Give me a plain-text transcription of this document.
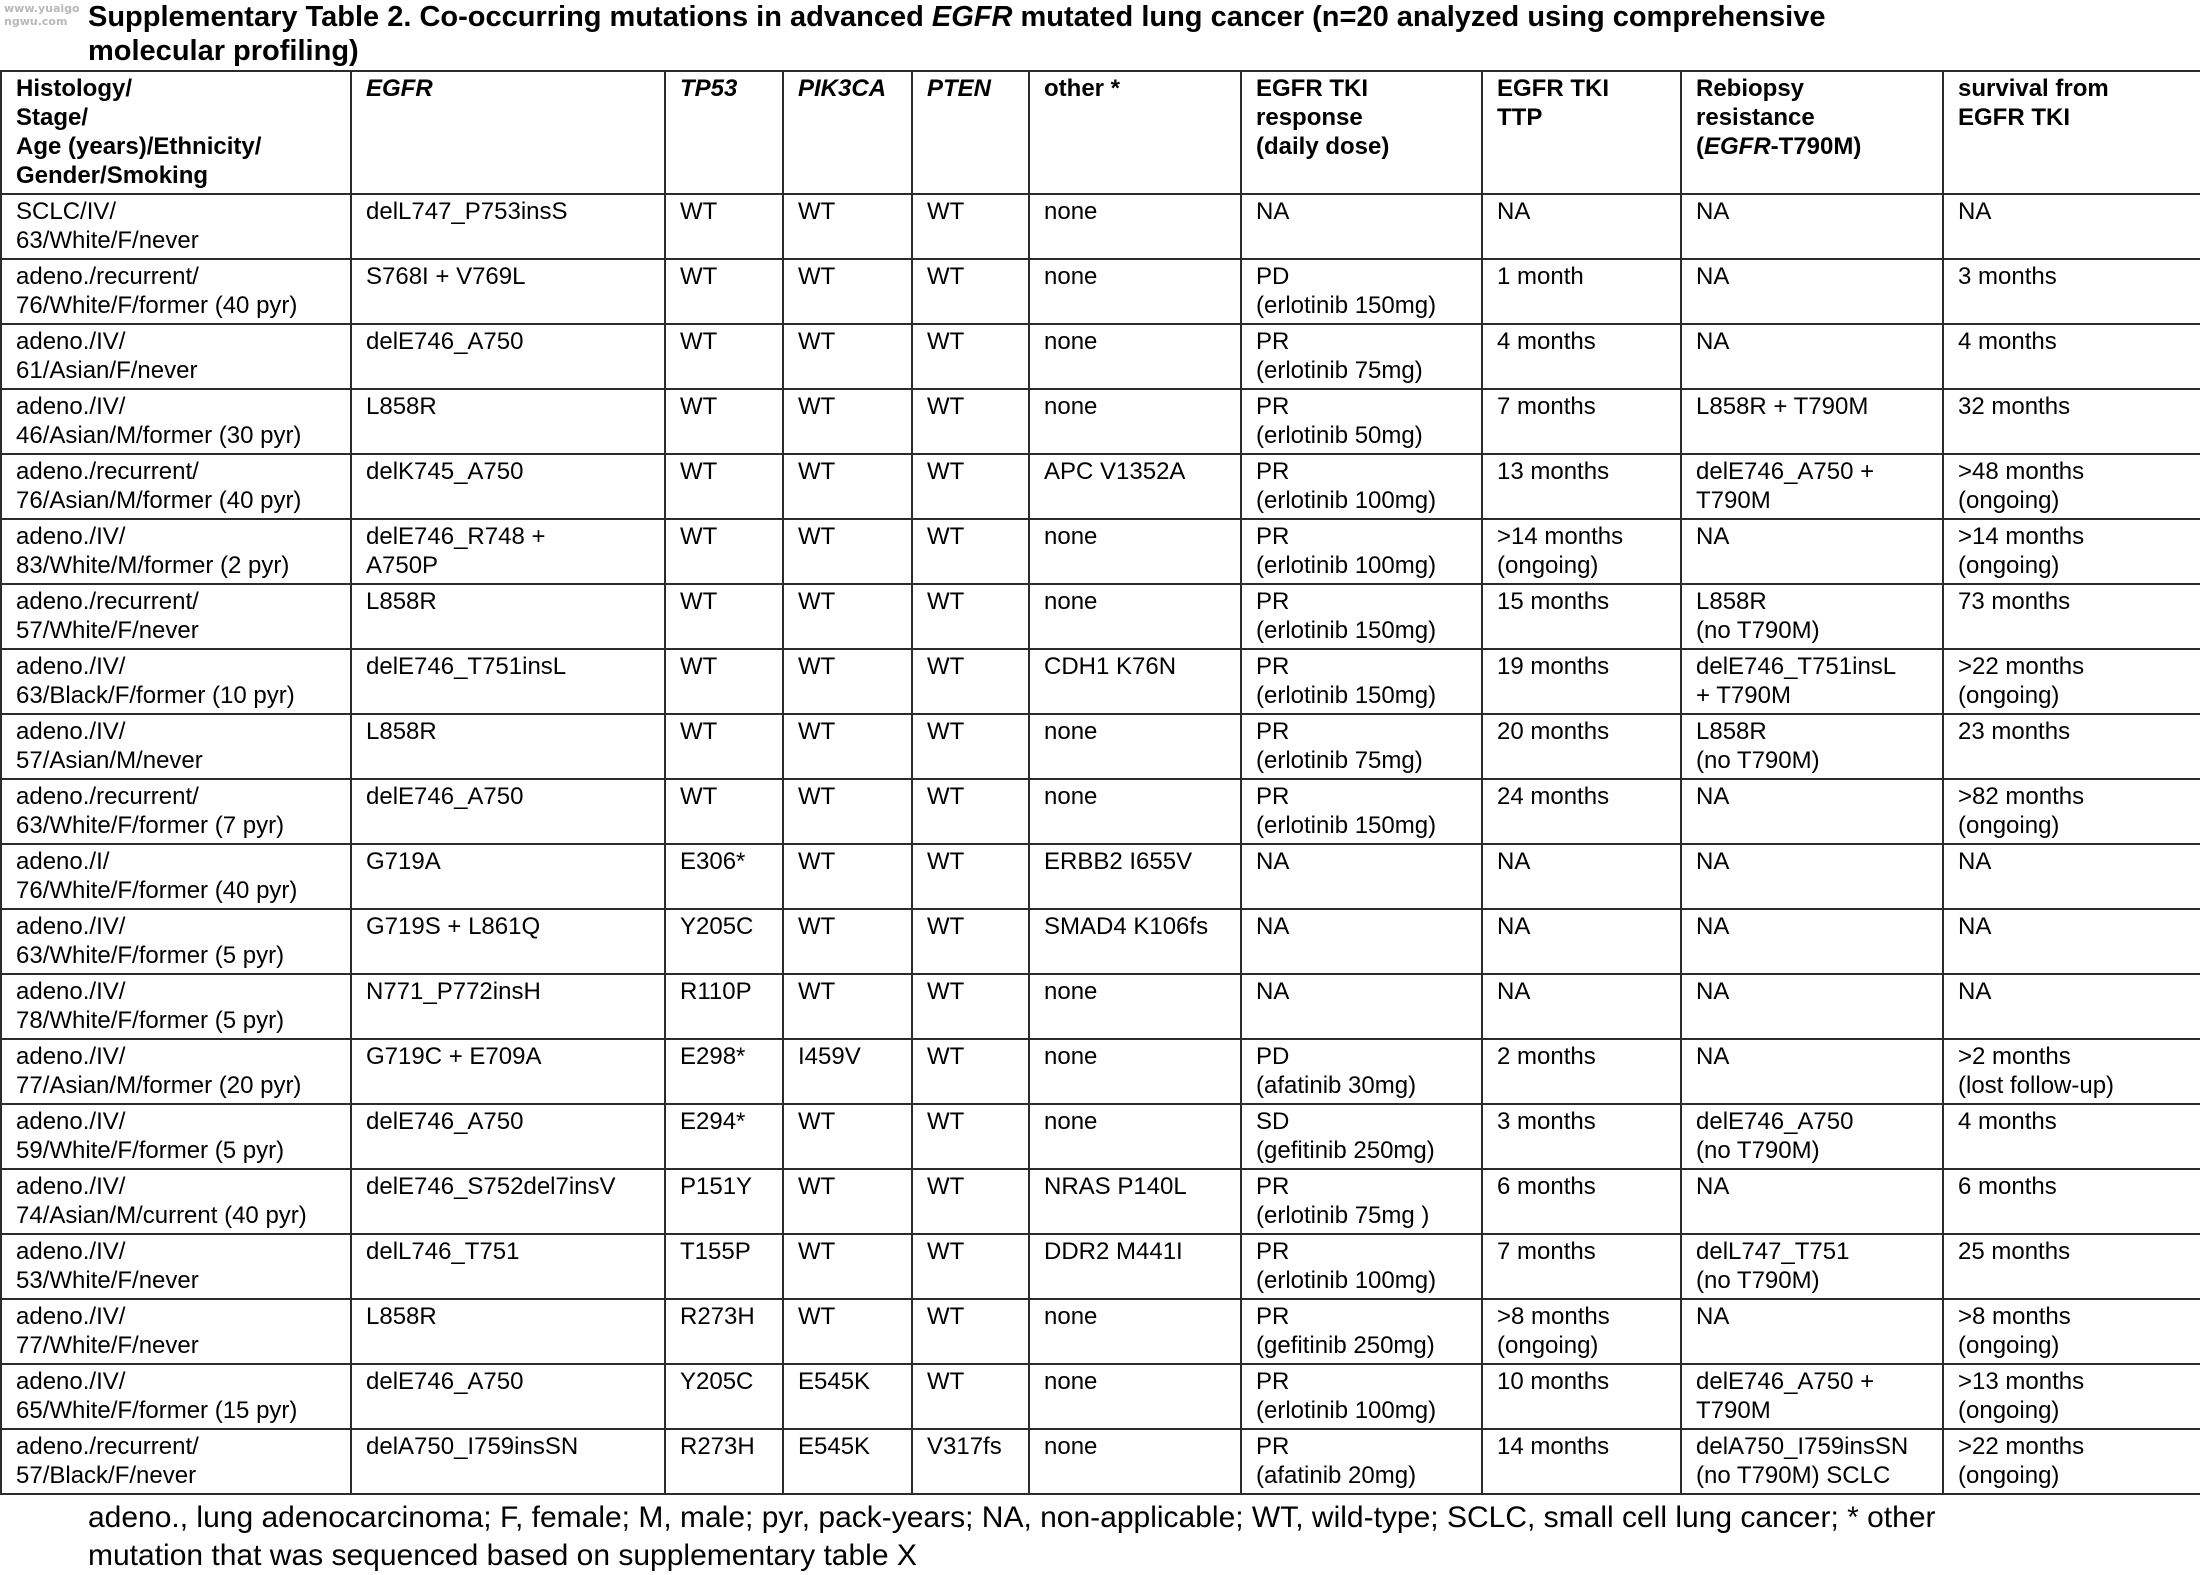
www.yuaigongwu.com Supplementary Table 2. Co-occurring mutations in advanced EGFR mutated lung cancer (n=20 analyzed using comprehensive
molecular profiling)
Histology/
Stage/
Age (years)/Ethnicity/
Gender/Smoking	EGFR	TP53	PIK3CA	PTEN	other *	EGFR TKI
response
(daily dose)	EGFR TKI
TTP	Rebiopsy
resistance
(EGFR-T790M)	survival from
EGFR TKI

SCLC/IV/
63/White/F/never	delL747_P753insS	WT	WT	WT	none	NA	NA	NA	NA

adeno./recurrent/
76/White/F/former (40 pyr)	S768I + V769L	WT	WT	WT	none	PD
(erlotinib 150mg)	1 month	NA	3 months

adeno./IV/
61/Asian/F/never	delE746_A750	WT	WT	WT	none	PR
(erlotinib 75mg)	4 months	NA	4 months

adeno./IV/
46/Asian/M/former (30 pyr)	L858R	WT	WT	WT	none	PR
(erlotinib 50mg)	7 months	L858R + T790M	32 months

adeno./recurrent/
76/Asian/M/former (40 pyr)	delK745_A750	WT	WT	WT	APC V1352A	PR
(erlotinib 100mg)	13 months	delE746_A750 +
T790M	>48 months
(ongoing)

adeno./IV/
83/White/M/former (2 pyr)	delE746_R748 +
A750P	WT	WT	WT	none	PR
(erlotinib 100mg)	>14 months
(ongoing)	NA	>14 months
(ongoing)

adeno./recurrent/
57/White/F/never	L858R	WT	WT	WT	none	PR
(erlotinib 150mg)	15 months	L858R
(no T790M)	73 months

adeno./IV/
63/Black/F/former (10 pyr)	delE746_T751insL	WT	WT	WT	CDH1 K76N	PR
(erlotinib 150mg)	19 months	delE746_T751insL
+ T790M	>22 months
(ongoing)

adeno./IV/
57/Asian/M/never	L858R	WT	WT	WT	none	PR
(erlotinib 75mg)	20 months	L858R
(no T790M)	23 months

adeno./recurrent/
63/White/F/former (7 pyr)	delE746_A750	WT	WT	WT	none	PR
(erlotinib 150mg)	24 months	NA	>82 months
(ongoing)

adeno./I/
76/White/F/former (40 pyr)	G719A	E306*	WT	WT	ERBB2 I655V	NA	NA	NA	NA

adeno./IV/
63/White/F/former (5 pyr)	G719S + L861Q	Y205C	WT	WT	SMAD4 K106fs	NA	NA	NA	NA

adeno./IV/
78/White/F/former (5 pyr)	N771_P772insH	R110P	WT	WT	none	NA	NA	NA	NA

adeno./IV/
77/Asian/M/former (20 pyr)	G719C + E709A	E298*	I459V	WT	none	PD
(afatinib 30mg)	2 months	NA	>2 months
(lost follow-up)

adeno./IV/
59/White/F/former (5 pyr)	delE746_A750	E294*	WT	WT	none	SD
(gefitinib 250mg)	3 months	delE746_A750
(no T790M)	4 months

adeno./IV/
74/Asian/M/current (40 pyr)	delE746_S752del7insV	P151Y	WT	WT	NRAS P140L	PR
(erlotinib 75mg )	6 months	NA	6 months

adeno./IV/
53/White/F/never	delL746_T751	T155P	WT	WT	DDR2 M441I	PR
(erlotinib 100mg)	7 months	delL747_T751
(no T790M)	25 months

adeno./IV/
77/White/F/never	L858R	R273H	WT	WT	none	PR
(gefitinib 250mg)	>8 months
(ongoing)	NA	>8 months
(ongoing)

adeno./IV/
65/White/F/former (15 pyr)	delE746_A750	Y205C	E545K	WT	none	PR
(erlotinib 100mg)	10 months	delE746_A750 +
T790M	>13 months
(ongoing)

adeno./recurrent/
57/Black/F/never	delA750_I759insSN	R273H	E545K	V317fs	none	PR
(afatinib 20mg)	14 months	delA750_I759insSN
(no T790M) SCLC	>22 months
(ongoing)
adeno., lung adenocarcinoma; F, female; M, male; pyr, pack-years; NA, non-applicable; WT, wild-type; SCLC, small cell lung cancer; * other
mutation that was sequenced based on supplementary table X
